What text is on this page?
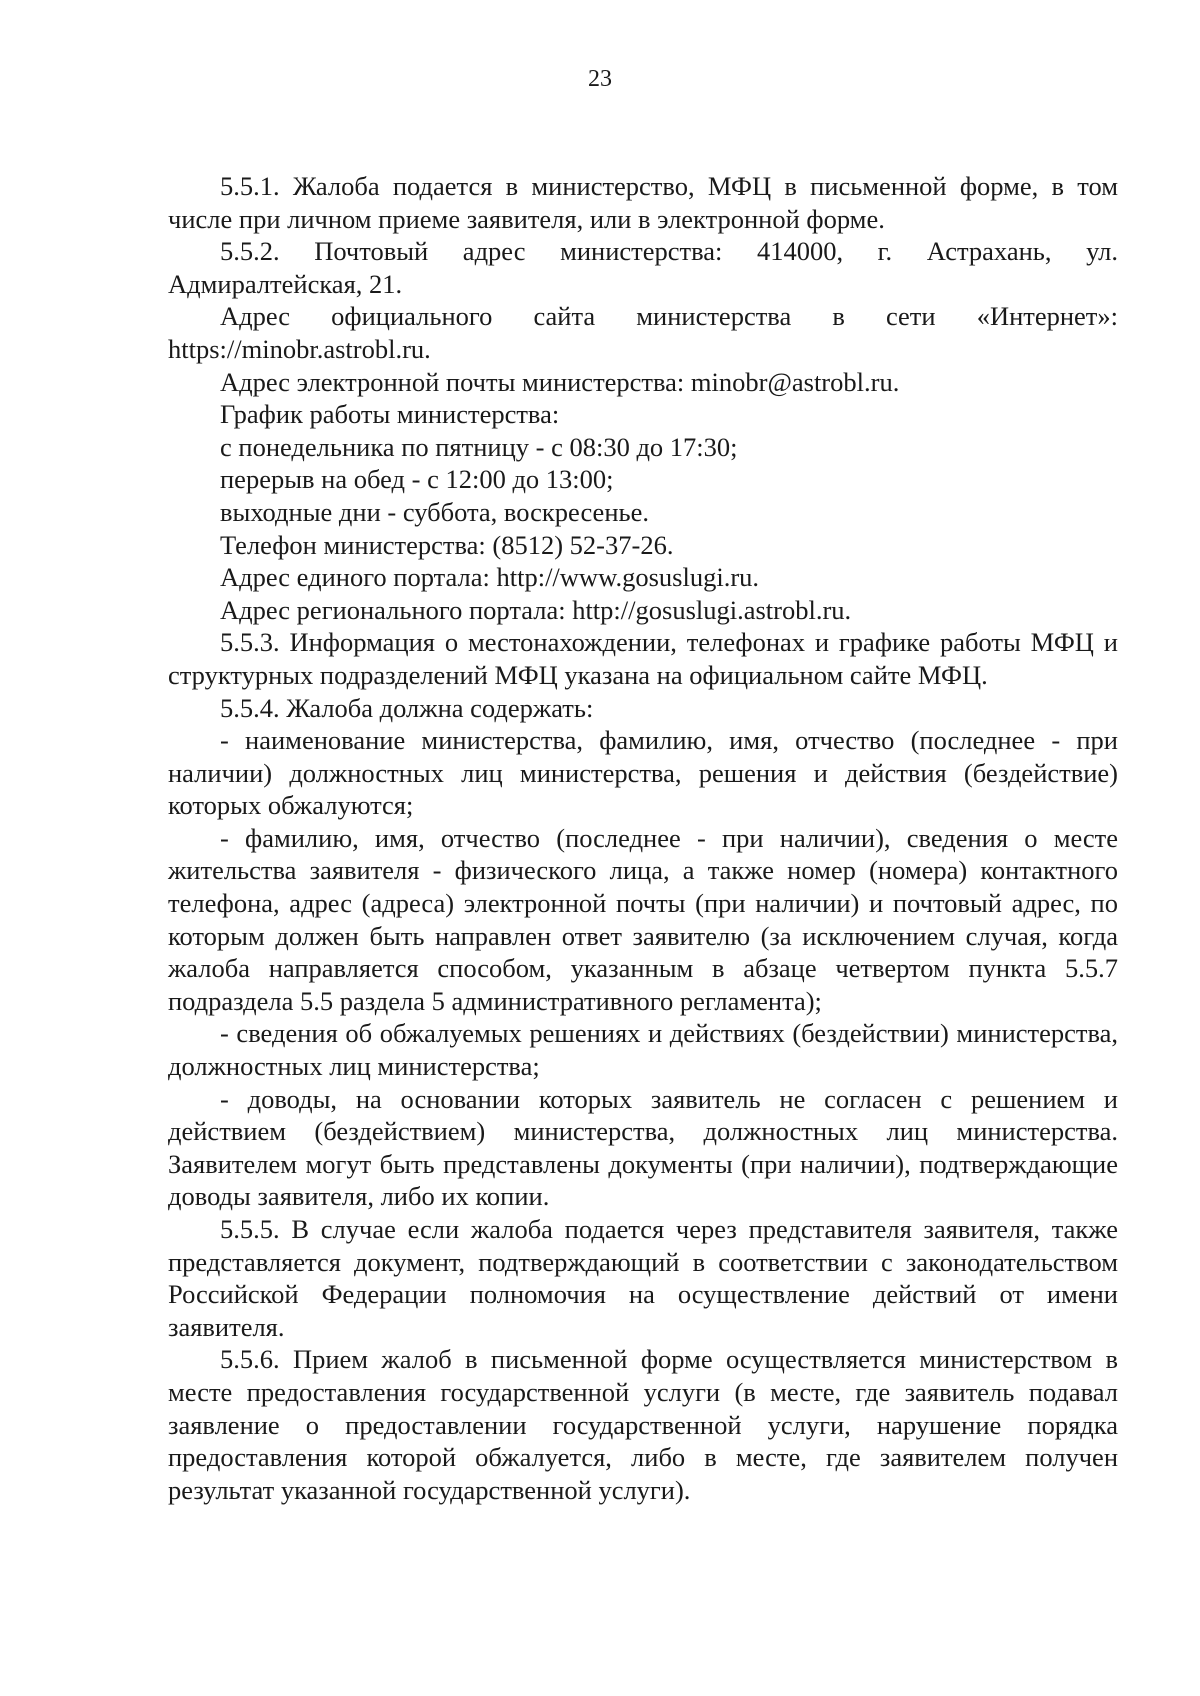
23

5.5.1. Жалоба подается в министерство, МФЦ в письменной форме, в том числе при личном приеме заявителя, или в электронной форме.

5.5.2. Почтовый адрес министерства: 414000, г. Астрахань, ул. Адмиралтейская, 21.

Адрес официального сайта министерства в сети «Интернет»: https://minobr.astrobl.ru.

Адрес электронной почты министерства: minobr@astrobl.ru.

График работы министерства:

с понедельника по пятницу - с 08:30 до 17:30;

перерыв на обед - с 12:00 до 13:00;

выходные дни - суббота, воскресенье.

Телефон министерства: (8512) 52-37-26.

Адрес единого портала: http://www.gosuslugi.ru.

Адрес регионального портала: http://gosuslugi.astrobl.ru.

5.5.3. Информация о местонахождении, телефонах и графике работы МФЦ и структурных подразделений МФЦ указана на официальном сайте МФЦ.

5.5.4. Жалоба должна содержать:

- наименование министерства, фамилию, имя, отчество (последнее - при наличии) должностных лиц министерства, решения и действия (бездействие) которых обжалуются;

- фамилию, имя, отчество (последнее - при наличии), сведения о месте жительства заявителя - физического лица, а также номер (номера) контактного телефона, адрес (адреса) электронной почты (при наличии) и почтовый адрес, по которым должен быть направлен ответ заявителю (за исключением случая, когда жалоба направляется способом, указанным в абзаце четвертом пункта 5.5.7 подраздела 5.5 раздела 5 административного регламента);

- сведения об обжалуемых решениях и действиях (бездействии) министерства, должностных лиц министерства;

- доводы, на основании которых заявитель не согласен с решением и действием (бездействием) министерства, должностных лиц министерства. Заявителем могут быть представлены документы (при наличии), подтверждающие доводы заявителя, либо их копии.

5.5.5. В случае если жалоба подается через представителя заявителя, также представляется документ, подтверждающий в соответствии с законодательством Российской Федерации полномочия на осуществление действий от имени заявителя.

5.5.6. Прием жалоб в письменной форме осуществляется министерством в месте предоставления государственной услуги (в месте, где заявитель подавал заявление о предоставлении государственной услуги, нарушение порядка предоставления которой обжалуется, либо в месте, где заявителем получен результат указанной государственной услуги).
